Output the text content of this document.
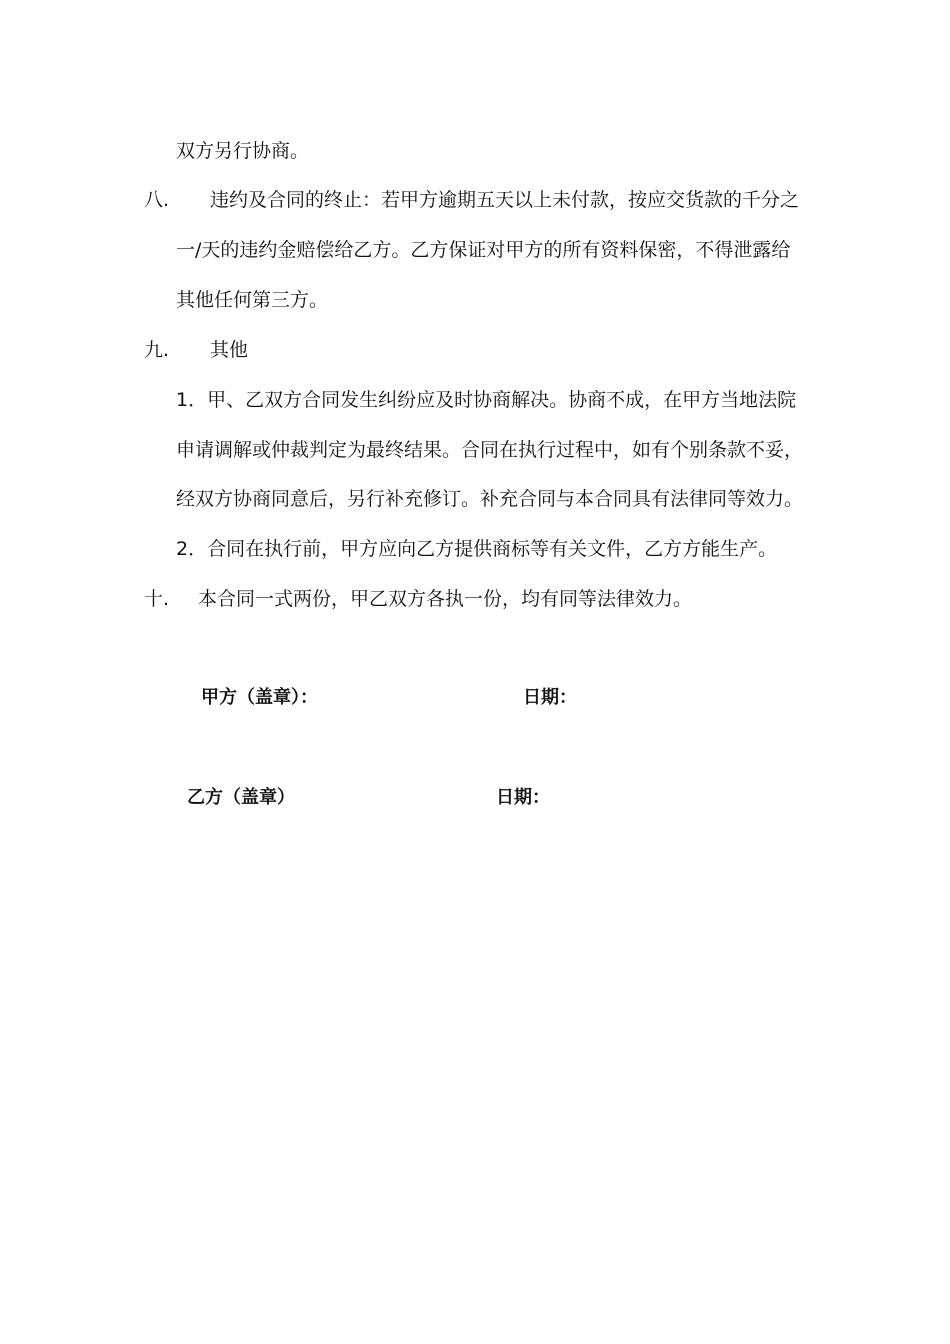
双方另行协商。
八. 违约及合同的终止：若甲方逾期五天以上未付款，按应交货款的千分之
一/天的违约金赔偿给乙方。乙方保证对甲方的所有资料保密，不得泄露给
其他任何第三方。
九. 其他
1．甲、乙双方合同发生纠纷应及时协商解决。协商不成，在甲方当地法院
申请调解或仲裁判定为最终结果。合同在执行过程中，如有个别条款不妥，
经双方协商同意后，另行补充修订。补充合同与本合同具有法律同等效力。
2．合同在执行前，甲方应向乙方提供商标等有关文件，乙方方能生产。
十. 本合同一式两份，甲乙双方各执一份，均有同等法律效力。
甲方（盖章）：	日期：
乙方（盖章）	日期：
